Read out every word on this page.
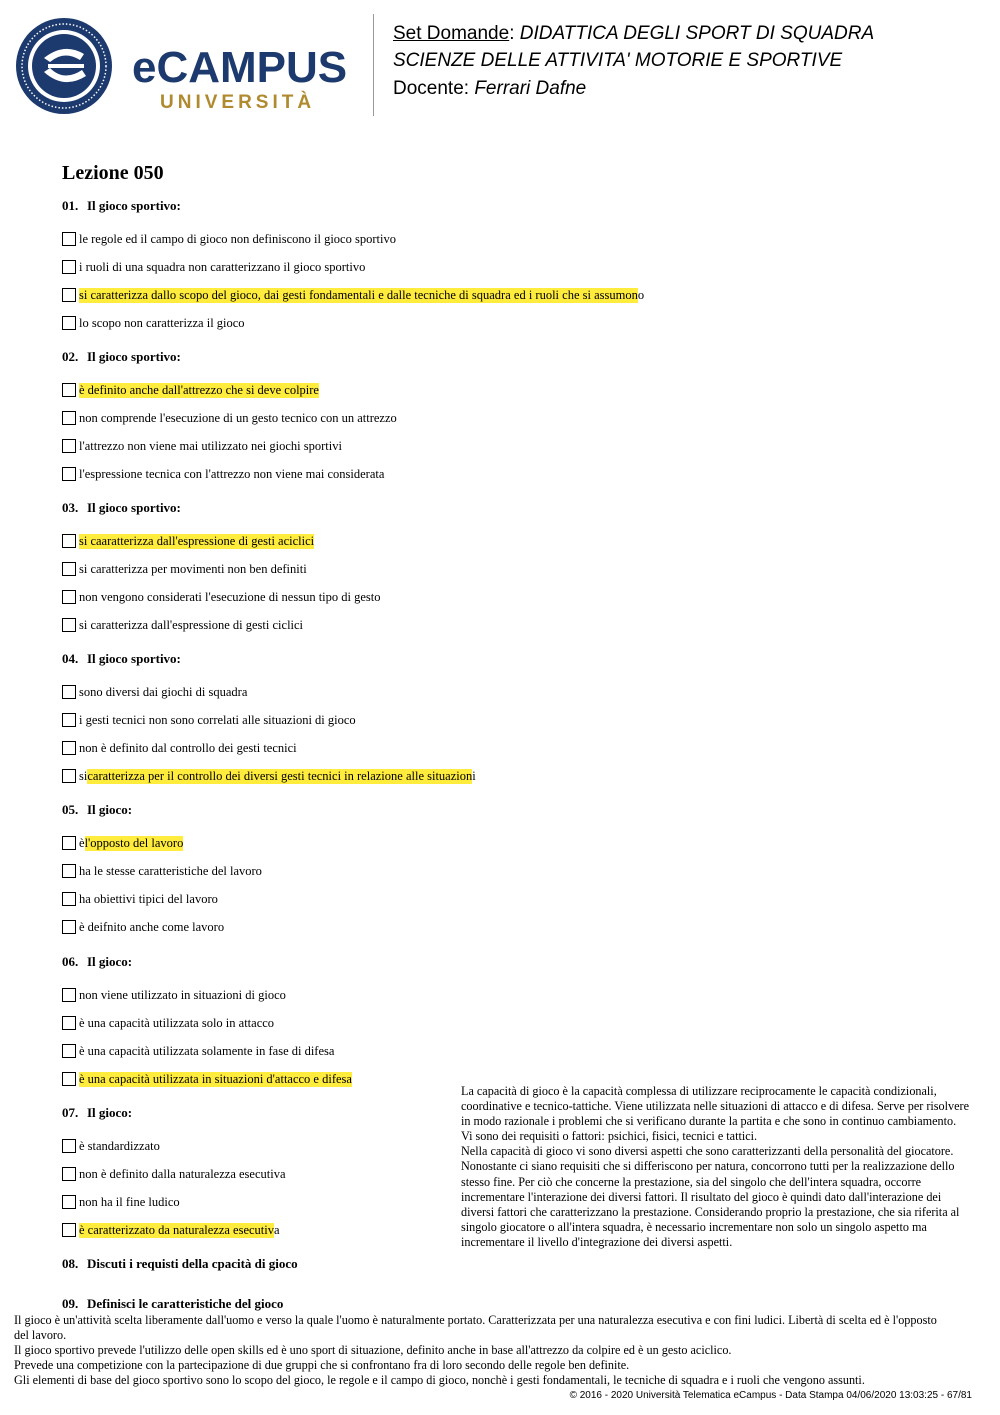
eCAMPUS
UNIVERSITÀ
Set Domande: DIDATTICA DEGLI SPORT DI SQUADRA
SCIENZE DELLE ATTIVITA' MOTORIE E SPORTIVE
Docente: Ferrari Dafne
Lezione 050
01. Il gioco sportivo:
le regole ed il campo di gioco non definiscono il gioco sportivo
i ruoli di una squadra non caratterizzano il gioco sportivo
si caratterizza dallo scopo del gioco, dai gesti fondamentali e dalle tecniche di squadra ed i ruoli che si assumon o
lo scopo non caratterizza il gioco
02. Il gioco sportivo:
è definito anche dall'attrezzo che si deve colpire
non comprende l'esecuzione di un gesto tecnico con un attrezzo
l'attrezzo non viene mai utilizzato nei giochi sportivi
l'espressione tecnica con l'attrezzo non viene mai considerata
03. Il gioco sportivo:
si caaratterizza dall'espressione di gesti aciclici
si caratterizza per movimenti non ben definiti
non vengono considerati l'esecuzione di nessun tipo di gesto
si caratterizza dall'espressione di gesti ciclici
04. Il gioco sportivo:
sono diversi dai giochi di squadra
i gesti tecnici non sono correlati alle situazioni di gioco
non è definito dal controllo dei gesti tecnici
si caratterizza per il controllo dei diversi gesti tecnici in relazione alle situazion i
05. Il gioco:
è l'opposto del lavoro
ha le stesse caratteristiche del lavoro
ha obiettivi tipici del lavoro
è deifnito anche come lavoro
06. Il gioco:
non viene utilizzato in situazioni di gioco
è una capacità utilizzata solo in attacco
è una capacità utilizzata solamente in fase di difesa
è una capacità utilizzata in situazioni d'attacco e difesa
07. Il gioco:
è standardizzato
non è definito dalla naturalezza esecutiva
non ha il fine ludico
è caratterizzato da naturalezza esecutiv a
08. Discuti i requisti della cpacità di gioco
09. Definisci le caratteristiche del gioco

La capacità di gioco è la capacità complessa di utilizzare reciprocamente le capacità condizionali,

coordinative e tecnico-tattiche. Viene utilizzata nelle situazioni di attacco e di difesa. Serve per risolvere

in modo razionale i problemi che si verificano durante la partita e che sono in continuo cambiamento.

Vi sono dei requisiti o fattori: psichici, fisici, tecnici e tattici.

Nella capacità di gioco vi sono diversi aspetti che sono caratterizzanti della personalità del giocatore.

Nonostante ci siano requisiti che si differiscono per natura, concorrono tutti per la realizzazione dello

stesso fine. Per ciò che concerne la prestazione, sia del singolo che dell'intera squadra, occorre

incrementare l'interazione dei diversi fattori. Il risultato del gioco è quindi dato dall'interazione dei

diversi fattori che caratterizzano la prestazione. Considerando proprio la prestazione, che sia riferita al

singolo giocatore o all'intera squadra, è necessario incrementare non solo un singolo aspetto ma

incrementare il livello d'integrazione dei diversi aspetti.

Il gioco è un'attività scelta liberamente dall'uomo e verso la quale l'uomo è naturalmente portato. Caratterizzata per una naturalezza esecutiva e con fini ludici. Libertà di scelta ed è l'opposto

del lavoro.

Il gioco sportivo prevede l'utilizzo delle open skills ed è uno sport di situazione, definito anche in base all'attrezzo da colpire ed è un gesto aciclico.

Prevede una competizione con la partecipazione di due gruppi che si confrontano fra di loro secondo delle regole ben definite.

Gli elementi di base del gioco sportivo sono lo scopo del gioco, le regole e il campo di gioco, nonchè i gesti fondamentali, le tecniche di squadra e i ruoli che vengono assunti.

© 2016 - 2020 Università Telematica eCampus - Data Stampa 04/06/2020 13:03:25 - 67/81
